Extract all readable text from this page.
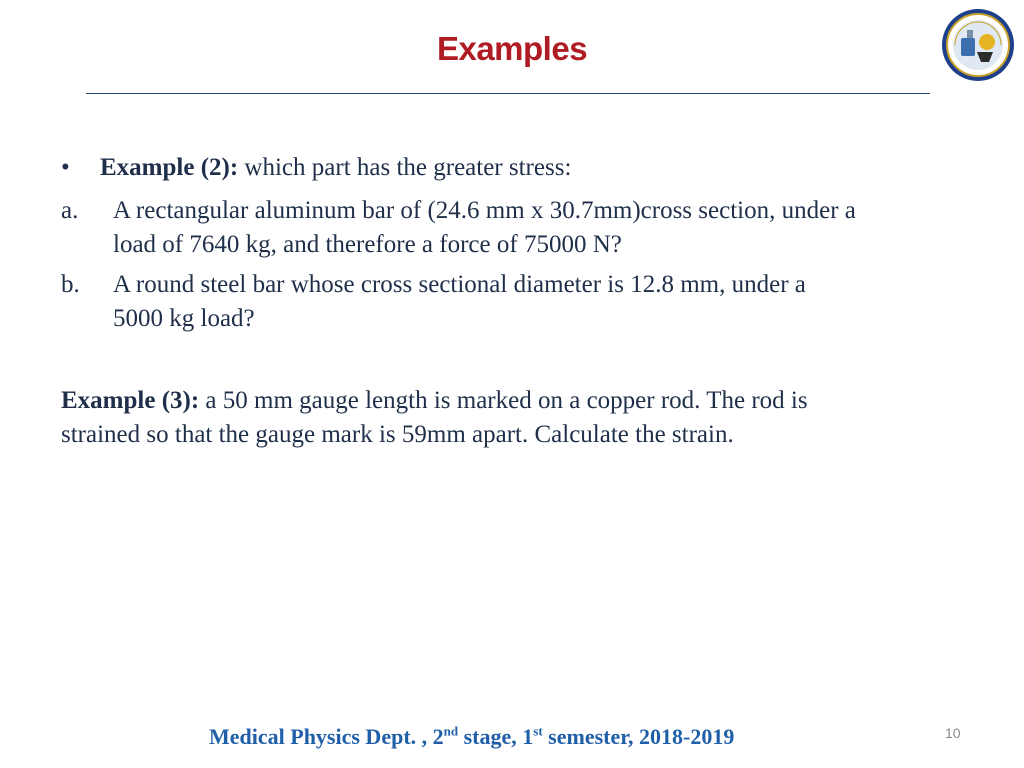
Examples
• Example (2): which part has the greater stress:
a. A rectangular aluminum bar of (24.6 mm x 30.7mm)cross section, under a
load of 7640 kg, and therefore a force of 75000 N?
b. A round steel bar whose cross sectional diameter is 12.8 mm, under a
5000 kg load?
Example (3): a 50 mm gauge length is marked on a copper rod. The rod is
strained so that the gauge mark is 59mm apart. Calculate the strain.
Medical Physics Dept. , 2nd stage, 1st semester, 2018-2019	10
